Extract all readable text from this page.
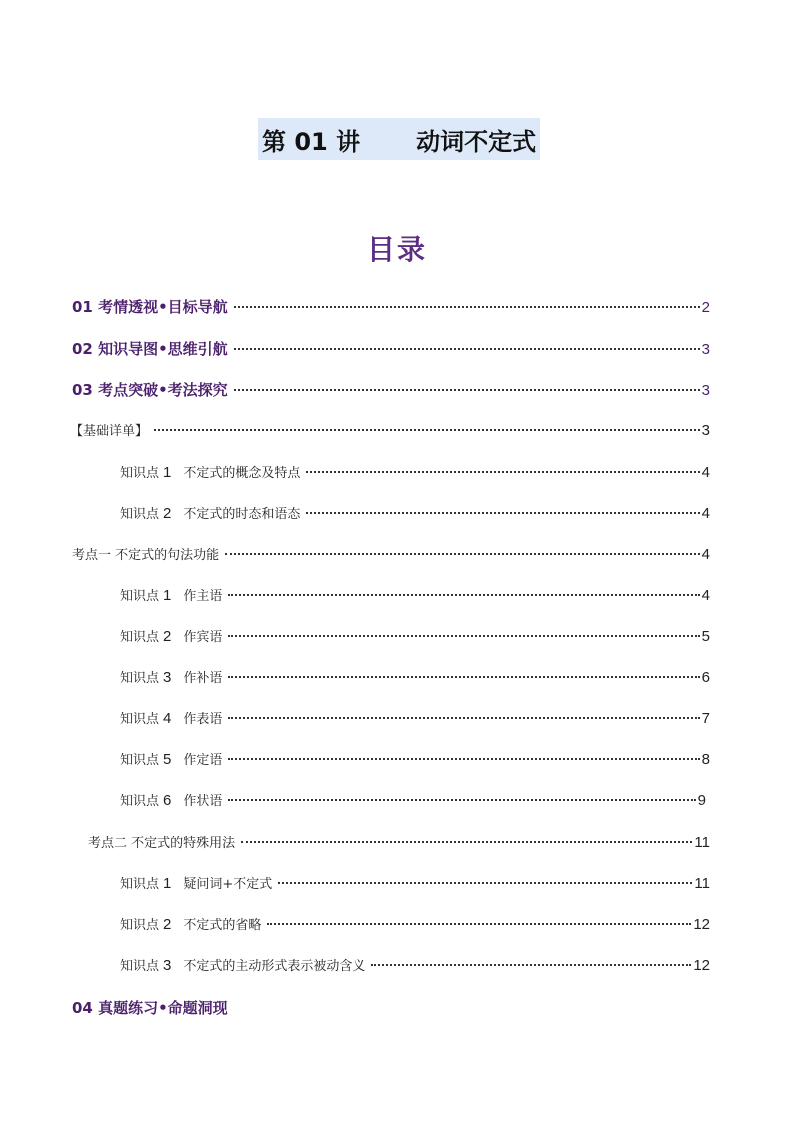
第 01 讲 动词不定式
目录
01 考情透视•目标导航	2
02 知识导图•思维引航	3
03 考点突破•考法探究	3
【基础详单】	3
知识点 1 不定式的概念及特点	4
知识点 2 不定式的时态和语态	4
考点一 不定式的句法功能	4
知识点 1 作主语	4
知识点 2 作宾语	5
知识点 3 作补语	6
知识点 4 作表语	7
知识点 5 作定语	8
知识点 6 作状语	9
考点二 不定式的特殊用法	11
知识点 1 疑问词+不定式	11
知识点 2 不定式的省略	12
知识点 3 不定式的主动形式表示被动含义	12
04 真题练习•命题洞现
